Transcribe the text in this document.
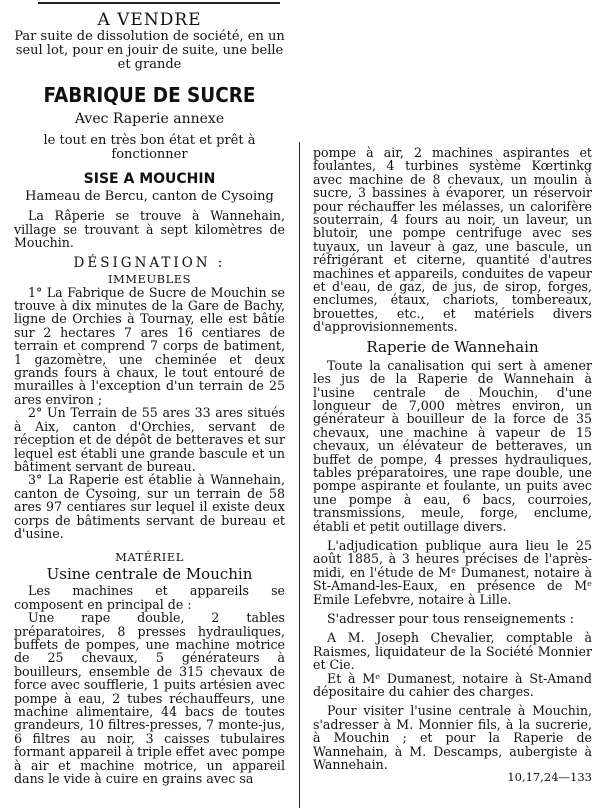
A VENDRE

Par suite de dissolution de société, en un seul lot, pour en jouir de suite, une belle et grande

FABRIQUE DE SUCRE
Avec Raperie annexe

le tout en très bon état et prêt à fonctionner

SISE A MOUCHIN

Hameau de Bercu, canton de Cysoing

La Râperie se trouve à Wannehain, village se trouvant à sept kilomètres de Mouchin.

DÉSIGNATION :
IMMEUBLES

1° La Fabrique de Sucre de Mouchin se trouve à dix minutes de la Gare de Bachy, ligne de Orchies à Tournay, elle est bâtie sur 2 hectares 7 ares 16 centiares de terrain et comprend 7 corps de batiment, 1 gazomètre, une cheminée et deux grands fours à chaux, le tout entouré de murailles à l'exception d'un terrain de 25 ares environ ;

2° Un Terrain de 55 ares 33 ares situés à Aix, canton d'Orchies, servant de réception et de dépôt de betteraves et sur lequel est établi une grande bascule et un bâtiment servant de bureau.

3° La Raperie est établie à Wannehain, canton de Cysoing, sur un terrain de 58 ares 97 centiares sur lequel il existe deux corps de bâtiments servant de bureau et d'usine.

MATÉRIEL
Usine centrale de Mouchin

Les machines et appareils se composent en principal de :

Une rape double, 2 tables préparatoires, 8 presses hydrauliques, buffets de pompes, une machine motrice de 25 chevaux, 5 générateurs à bouilleurs, ensemble de 315 chevaux de force avec soufflerie, 1 puits artésien avec pompe à eau, 2 tubes réchauffeurs, une machine alimentaire, 44 bacs de toutes grandeurs, 10 filtres-presses, 7 monte-jus, 6 filtres au noir, 3 caisses tubulaires formant appareil à triple effet avec pompe à air et machine motrice, un appareil dans le vide à cuire en grains avec sa

pompe à air, 2 machines aspirantes et foulantes, 4 turbines système Kœrtinkg avec machine de 8 chevaux, un moulin à sucre, 3 bassines à évaporer, un réservoir pour réchauffer les mélasses, un calorifère souterrain, 4 fours au noir, un laveur, un blutoir, une pompe centrifuge avec ses tuyaux, un laveur à gaz, une bascule, un réfrigérant et citerne, quantité d'autres machines et appareils, conduites de vapeur et d'eau, de gaz, de jus, de sirop, forges, enclumes, étaux, chariots, tombereaux, brouettes, etc., et matériels divers d'approvisionnements.

Raperie de Wannehain

Toute la canalisation qui sert à amener les jus de la Raperie de Wannehain à l'usine centrale de Mouchin, d'une longueur de 7,000 mètres environ, un générateur à bouilleur de la force de 35 chevaux, une machine à vapeur de 15 chevaux, un élévateur de betteraves, un buffet de pompe, 4 presses hydrauliques, tables préparatoires, une rape double, une pompe aspirante et foulante, un puits avec une pompe à eau, 6 bacs, courroies, transmissions, meule, forge, enclume, établi et petit outillage divers.

L'adjudication publique aura lieu le 25 août 1885, à 3 heures précises de l'après-midi, en l'étude de Mᵉ Dumanest, notaire à St-Amand-les-Eaux, en présence de Mᵉ Emile Lefebvre, notaire à Lille.

S'adresser pour tous renseignements :

A M. Joseph Chevalier, comptable à Raismes, liquidateur de la Société Monnier et Cie.

Et à Mᵉ Dumanest, notaire à St-Amand dépositaire du cahier des charges.

Pour visiter l'usine centrale à Mouchin, s'adresser à M. Monnier fils, à la sucrerie, à Mouchin ; et pour la Raperie de Wannehain, à M. Descamps, aubergiste à Wannehain.

10,17,24—133
